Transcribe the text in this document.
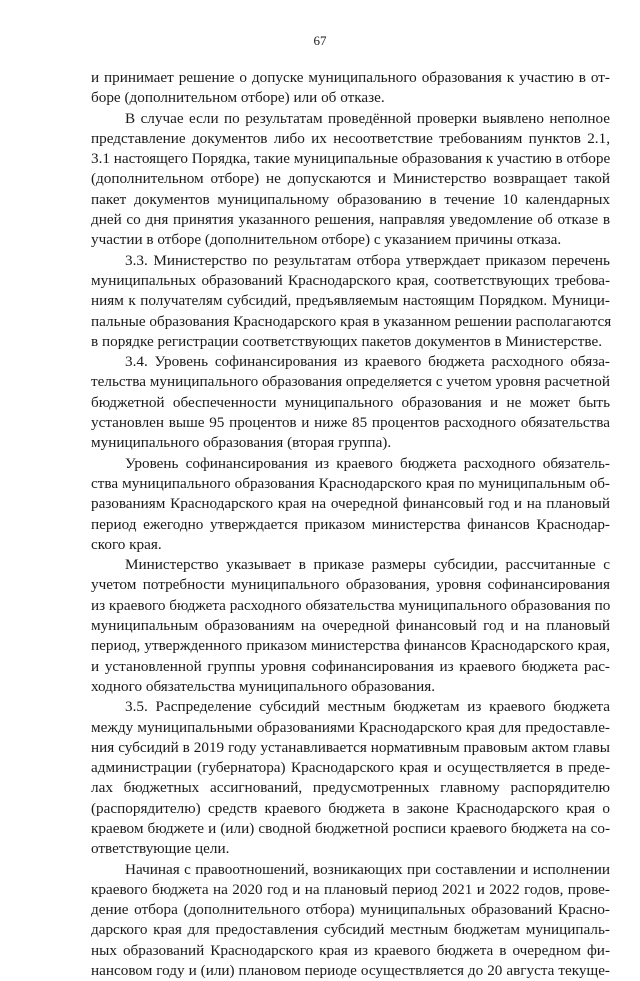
67
и принимает решение о допуске муниципального образования к участию в от-
боре (дополнительном отборе) или об отказе.
В случае если по результатам проведённой проверки выявлено неполное
представление документов либо их несоответствие требованиям пунктов 2.1,
3.1 настоящего Порядка, такие муниципальные образования к участию в отборе
(дополнительном отборе) не допускаются и Министерство возвращает такой
пакет документов муниципальному образованию в течение 10 календарных
дней со дня принятия указанного решения, направляя уведомление об отказе в
участии в отборе (дополнительном отборе) с указанием причины отказа.
3.3. Министерство по результатам отбора утверждает приказом перечень
муниципальных образований Краснодарского края, соответствующих требова-
ниям к получателям субсидий, предъявляемым настоящим Порядком. Муници-
пальные образования Краснодарского края в указанном решении располагаются
в порядке регистрации соответствующих пакетов документов в Министерстве.
3.4. Уровень софинансирования из краевого бюджета расходного обяза-
тельства муниципального образования определяется с учетом уровня расчетной
бюджетной обеспеченности муниципального образования и не может быть
установлен выше 95 процентов и ниже 85 процентов расходного обязательства
муниципального образования (вторая группа).
Уровень софинансирования из краевого бюджета расходного обязатель-
ства муниципального образования Краснодарского края по муниципальным об-
разованиям Краснодарского края на очередной финансовый год и на плановый
период ежегодно утверждается приказом министерства финансов Краснодар-
ского края.
Министерство указывает в приказе размеры субсидии, рассчитанные с
учетом потребности муниципального образования, уровня софинансирования
из краевого бюджета расходного обязательства муниципального образования по
муниципальным образованиям на очередной финансовый год и на плановый
период, утвержденного приказом министерства финансов Краснодарского края,
и установленной группы уровня софинансирования из краевого бюджета рас-
ходного обязательства муниципального образования.
3.5. Распределение субсидий местным бюджетам из краевого бюджета
между муниципальными образованиями Краснодарского края для предоставле-
ния субсидий в 2019 году устанавливается нормативным правовым актом главы
администрации (губернатора) Краснодарского края и осуществляется в преде-
лах бюджетных ассигнований, предусмотренных главному распорядителю
(распорядителю) средств краевого бюджета в законе Краснодарского края о
краевом бюджете и (или) сводной бюджетной росписи краевого бюджета на со-
ответствующие цели.
Начиная с правоотношений, возникающих при составлении и исполнении
краевого бюджета на 2020 год и на плановый период 2021 и 2022 годов, прове-
дение отбора (дополнительного отбора) муниципальных образований Красно-
дарского края для предоставления субсидий местным бюджетам муниципаль-
ных образований Краснодарского края из краевого бюджета в очередном фи-
нансовом году и (или) плановом периоде осуществляется до 20 августа текуще-
